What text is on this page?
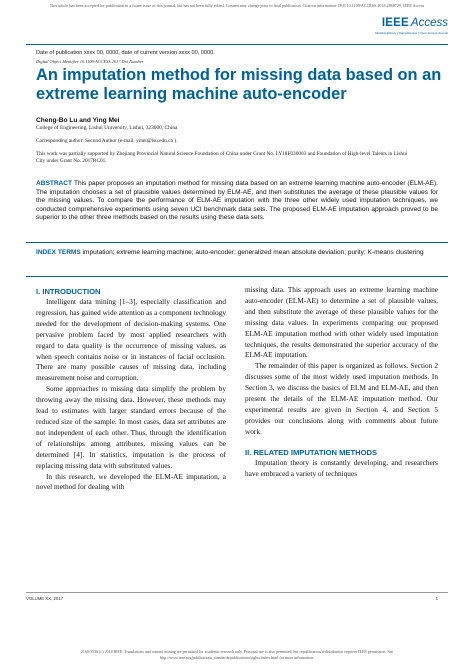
This article has been accepted for publication in a future issue of this journal, but has not been fully edited. Content may change prior to final publication. Citation information: DOI 10.1109/ACCESS.2018.2868729, IEEE Access
IEEE Access
Multidisciplinary | Rapid Review | Open Access Journal
Date of publication xxxx 00, 0000, date of current version xxxx 00, 0000.
Digital Object Identifier 10.1109/ACCESS.2017.Doi Number
An imputation method for missing data based on an extreme learning machine auto-encoder
Cheng-Bo Lu and Ying Mei
College of Engineering, Lishui University, Lishui, 323000, China
Corresponding author: Second Author (e-mail: ymei@lsu.edu.cn ).
This work was partially supported by Zhejiang Provincial Natural Science Foundation of China under Grant No. LY18F030003 and Foundation of High-level Talents in Lishui City under Grant No. 2017RC01.
ABSTRACT This paper proposes an imputation method for missing data based on an extreme learning machine auto-encoder (ELM-AE). The imputation chooses a set of plausible values determined by ELM-AE, and then substitutes the average of these plausible values for the missing values. To compare the performance of ELM-AE imputation with the three other widely used imputation techniques, we conducted comprehensive experiments using seven UCI benchmark data sets. The proposed ELM-AE imputation approach proved to be superior to the other three methods based on the results using these data sets.
INDEX TERMS imputation; extreme learning machine; auto-encoder; generalized mean absolute deviation; purity; K-means clustering
I. INTRODUCTION

Intelligent data mining [1–3], especially classification and regression, has gained wide attention as a component technology needed for the development of decision-making systems. One pervasive problem faced by most applied researchers with regard to data quality is the occurrence of missing values, as when speech contains noise or in instances of facial occlusion. There are many possible causes of missing data, including measurement noise and corruption.

Some approaches to missing data simplify the problem by throwing away the missing data. However, these methods may lead to estimates with larger standard errors because of the reduced size of the sample. In most cases, data set attributes are not independent of each other. Thus, through the identification of relationships among attributes, missing values can be determined [4]. In statistics, imputation is the process of replacing missing data with substituted values.

In this research, we developed the ELM-AE imputation, a novel method for dealing with

missing data. This approach uses an extreme learning machine auto-encoder (ELM-AE) to determine a set of plausible values, and then substitute the average of these plausible values for the missing data values. In experiments comparing our proposed ELM-AE imputation method with other widely used imputation techniques, the results demonstrated the superior accuracy of the ELM-AE imputation.

The remainder of this paper is organized as follows. Section 2 discusses some of the most widely used imputation methods. In Section 3, we discuss the basics of ELM and ELM-AE, and then present the details of the ELM-AE imputation method. Our experimental results are given in Section 4, and Section 5 provides our conclusions along with comments about future work.

II. RELATED IMPUTATION METHODS

Imputation theory is constantly developing, and researchers have embraced a variety of techniques

VOLUME XX, 2017	1
2169-3536 (c) 2018 IEEE. Translations and content mining are permitted for academic research only. Personal use is also permitted, but republication/redistribution requires IEEE permission. See
http://www.ieee.org/publications_standards/publications/rights/index.html for more information.
